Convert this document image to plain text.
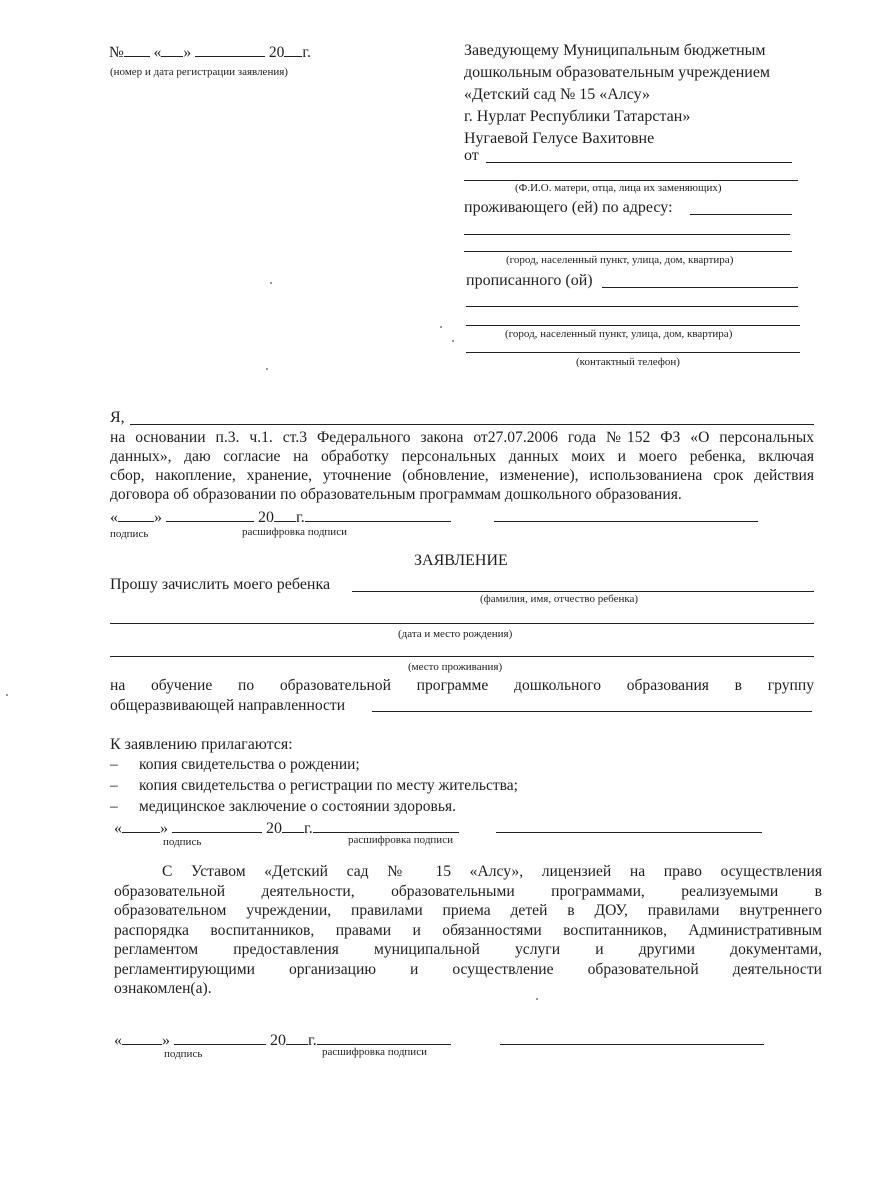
№ « »	20 г.
(номер и дата регистрации заявления)
Заведующему Муниципальным бюджетным
дошкольным образовательным учреждением
«Детский сад № 15 «Алсу»
г. Нурлат Республики Татарстан»
Нугаевой Гелусе Вахитовне
от
(Ф.И.О. матери, отца, лица их заменяющих)
проживающего (ей) по адресу:
(город, населенный пункт, улица, дом, квартира)
прописанного (ой)
(город, населенный пункт, улица, дом, квартира)
(контактный телефон)
Я,
на основании п.3. ч.1. ст.3 Федерального закона от27.07.2006 года №152 ФЗ «О персональных
данных», даю согласие на обработку персональных данных моих и моего ребенка, включая
сбор, накопление, хранение, уточнение (обновление, изменение), использованиена срок действия
договора об образовании по образовательным программам дошкольного образования.
« »	20 г.
подпись	расшифровка подписи
ЗАЯВЛЕНИЕ
Прошу зачислить моего ребенка
(фамилия, имя, отчество ребенка)
(дата и место рождения)
(место проживания)
на обучение по образовательной программе дошкольного образования в группу
общеразвивающей направленности
К заявлению прилагаются:
– копия свидетельства о рождении;
– копия свидетельства о регистрации по месту жительства;
– медицинское заключение о состоянии здоровья.
« »	20 г.
подпись	расшифровка подписи
С Уставом «Детский сад № 15 «Алсу», лицензией на право осуществления
образовательной деятельности, образовательными программами, реализуемыми в
образовательном учреждении, правилами приема детей в ДОУ, правилами внутреннего
распорядка воспитанников, правами и обязанностями воспитанников, Административным
регламентом предоставления муниципальной услуги и другими документами,
регламентирующими организацию и осуществление образовательной деятельности
ознакомлен(а).
«	»	20 г.
подпись	расшифровка подписи
